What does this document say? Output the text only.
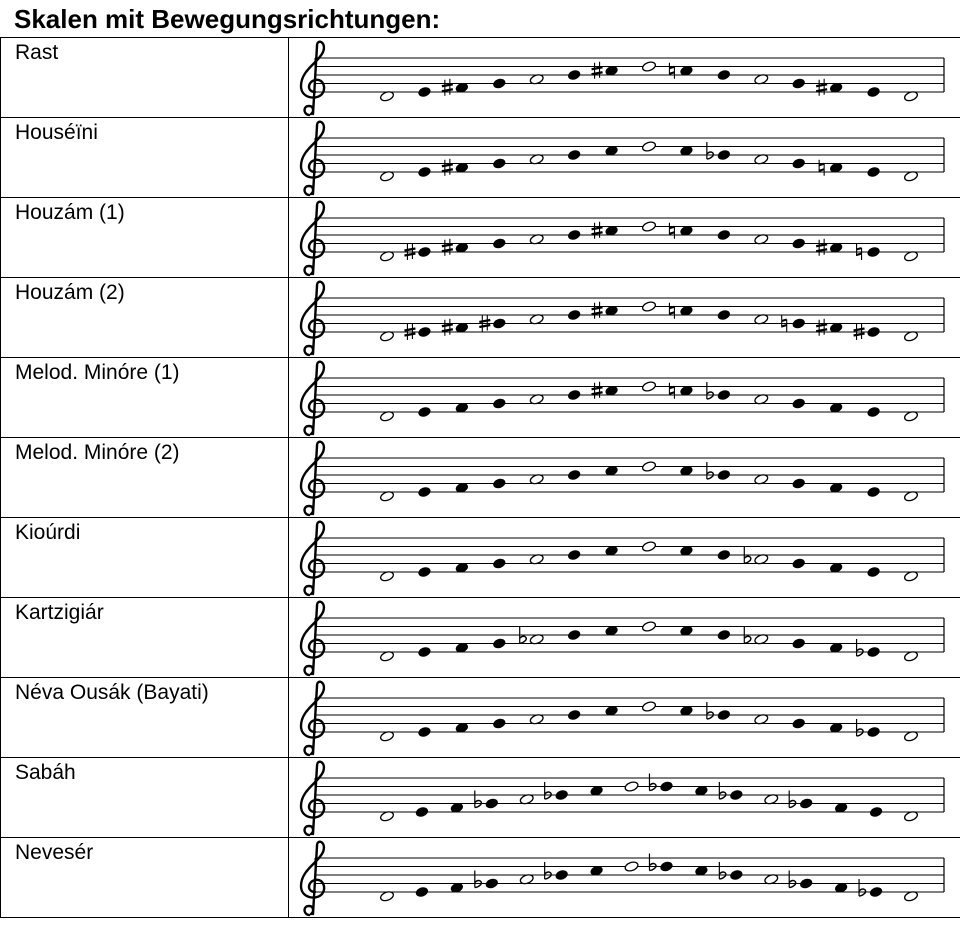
Skalen mit Bewegungsrichtungen:
Rast

Houséïni

Houzám (1)

Houzám (2)

Melod. Minóre (1)

Melod. Minóre (2)

Kioúrdi

Kartzigiár

Néva Ousák (Bayati)

Sabáh

Nevesér
